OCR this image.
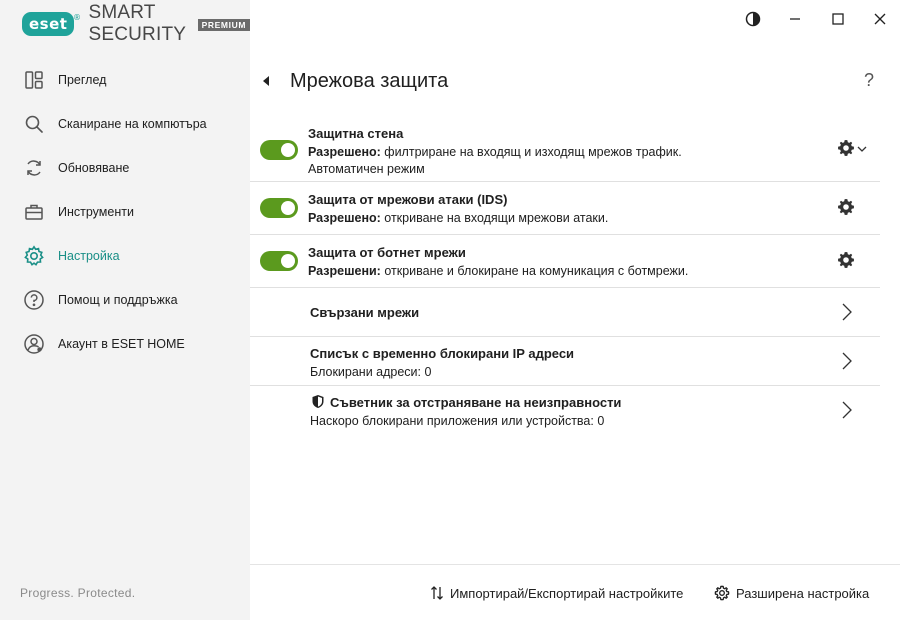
eset ® SMART SECURITY	PREMIUM
Преглед
Сканиране на компютъра
Обновяване
Инструменти
Настройка
Помощ и поддръжка
Акаунт в ESET HOME
Progress. Protected.
Мрежова защита	?
Защитна стена
Разрешено: филтриране на входящ и изходящ мрежов трафик.
Автоматичен режим
Защита от мрежови атаки (IDS)
Разрешено: откриване на входящи мрежови атаки.
Защита от ботнет мрежи
Разрешени: откриване и блокиране на комуникация с ботмрежи.
Свързани мрежи
Списък с временно блокирани IP адреси
Блокирани адреси: 0
Съветник за отстраняване на неизправности
Наскоро блокирани приложения или устройства: 0
Импортирай/Експортирай настройките	Разширена настройка
